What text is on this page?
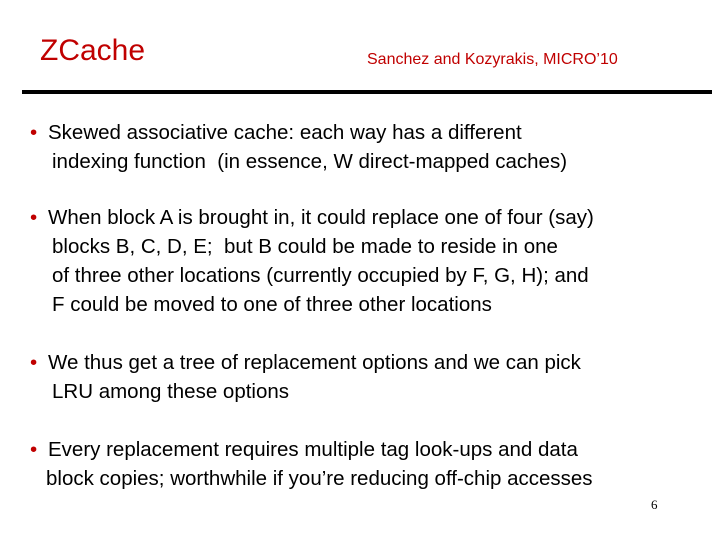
ZCache	Sanchez and Kozyrakis, MICRO’10
• Skewed associative cache: each way has a different
indexing function  (in essence, W direct-mapped caches)
• When block A is brought in, it could replace one of four (say)
blocks B, C, D, E;  but B could be made to reside in one
of three other locations (currently occupied by F, G, H); and
F could be moved to one of three other locations
• We thus get a tree of replacement options and we can pick
LRU among these options
• Every replacement requires multiple tag look-ups and data
block copies; worthwhile if you’re reducing off-chip accesses
6
